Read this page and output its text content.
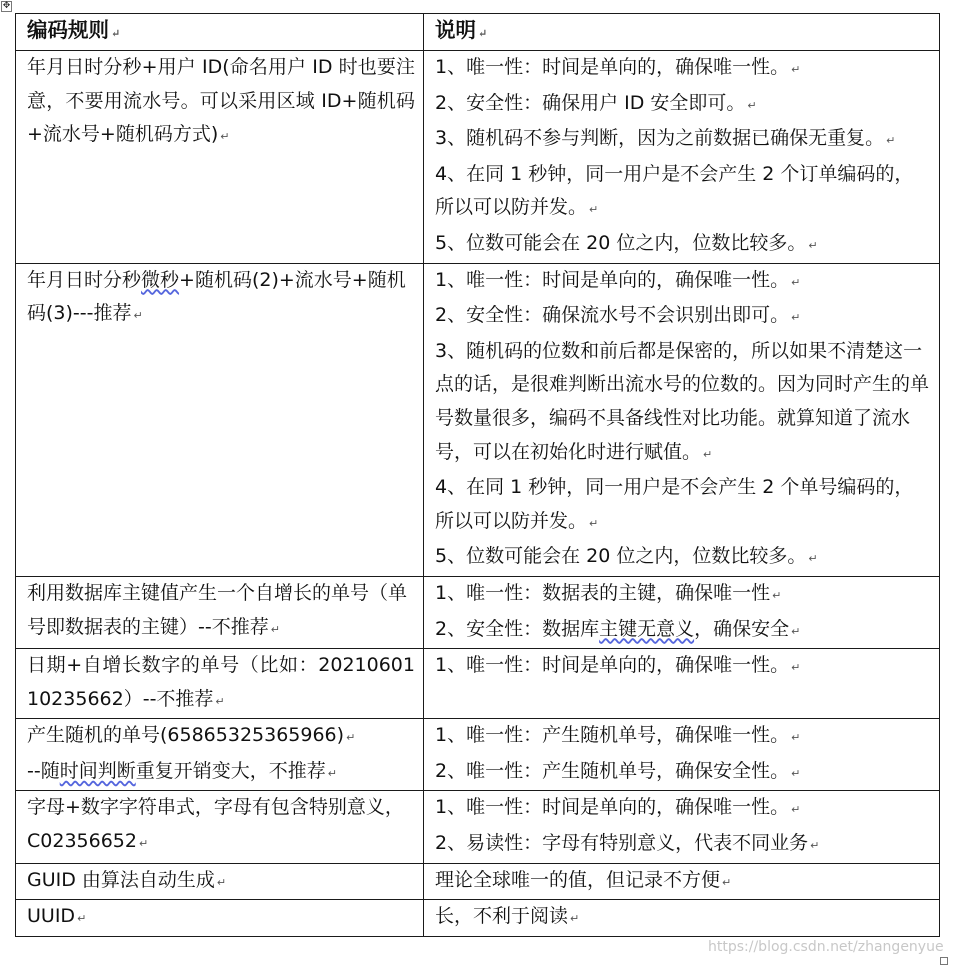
✥
编码规则 ↵	说明 ↵
年月日时分秒+用户 ID(命名用户 ID 时也要注意，不要用流水号。可以采用区域 ID+随机码+流水号+随机码方式) ↵	1、唯一性：时间是单向的，确保唯一性。 ↵
2、安全性：确保用户 ID 安全即可。 ↵
3、随机码不参与判断，因为之前数据已确保无重复。 ↵
4、在同 1 秒钟，同一用户是不会产生 2 个订单编码的，所以可以防并发。 ↵
5、位数可能会在 20 位之内，位数比较多。 ↵

年月日时分秒微秒+随机码(2)+流水号+随机码(3)---推荐 ↵	1、唯一性：时间是单向的，确保唯一性。 ↵
2、安全性：确保流水号不会识别出即可。 ↵
3、随机码的位数和前后都是保密的，所以如果不清楚这一点的话，是很难判断出流水号的位数的。因为同时产生的单号数量很多，编码不具备线性对比功能。就算知道了流水号，可以在初始化时进行赋值。 ↵
4、在同 1 秒钟，同一用户是不会产生 2 个单号编码的，所以可以防并发。 ↵
5、位数可能会在 20 位之内，位数比较多。 ↵

利用数据库主键值产生一个自增长的单号（单号即数据表的主键）--不推荐 ↵	1、唯一性：数据表的主键，确保唯一性 ↵
2、安全性：数据库主键无意义，确保安全 ↵

日期+自增长数字的单号（比如：2021060110235662）--不推荐 ↵	1、唯一性：时间是单向的，确保唯一性。 ↵

产生随机的单号(65865325365966) ↵
--随时间判断重复开销变大，不推荐 ↵	1、唯一性：产生随机单号，确保唯一性。 ↵
2、唯一性：产生随机单号，确保安全性。 ↵

字母+数字字符串式，字母有包含特别意义，C02356652 ↵	1、唯一性：时间是单向的，确保唯一性。 ↵
2、易读性：字母有特别意义，代表不同业务 ↵

GUID 由算法自动生成 ↵	理论全球唯一的值，但记录不方便 ↵
UUID ↵	长，不利于阅读 ↵
https://blog.csdn.net/zhangenyue
